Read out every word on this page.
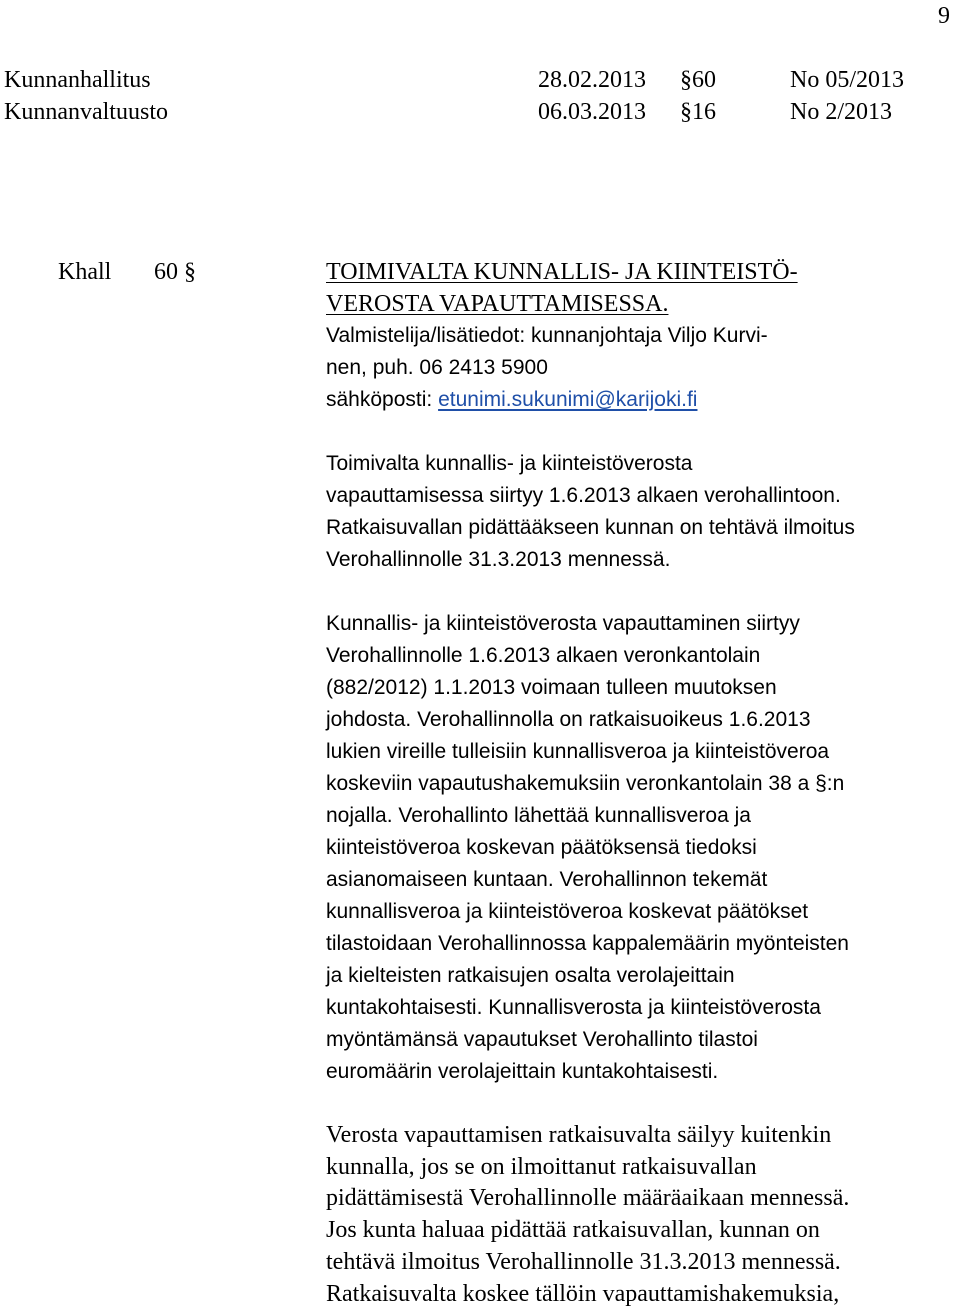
9
Kunnanhallitus	28.02.2013 §60	No 05/2013
Kunnanvaltuusto	06.03.2013 §16	No 2/2013
Khall 60 §	TOIMIVALTA KUNNALLIS- JA KIINTEISTÖ-
VEROSTA VAPAUTTAMISESSA.
Valmistelija/lisätiedot: kunnanjohtaja Viljo Kurvi-
nen, puh. 06 2413 5900
sähköposti: etunimi.sukunimi@karijoki.fi

Toimivalta kunnallis- ja kiinteistöverosta
vapauttamisessa siirtyy 1.6.2013 alkaen verohallintoon.
Ratkaisuvallan pidättääkseen kunnan on tehtävä ilmoitus
Verohallinnolle 31.3.2013 mennessä.

Kunnallis- ja kiinteistöverosta vapauttaminen siirtyy
Verohallinnolle 1.6.2013 alkaen veronkantolain
(882/2012) 1.1.2013 voimaan tulleen muutoksen
johdosta. Verohallinnolla on ratkaisuoikeus 1.6.2013
lukien vireille tulleisiin kunnallisveroa ja kiinteistöveroa
koskeviin vapautushakemuksiin veronkantolain 38 a §:n
nojalla. Verohallinto lähettää kunnallisveroa ja
kiinteistöveroa koskevan päätöksensä tiedoksi
asianomaiseen kuntaan. Verohallinnon tekemät
kunnallisveroa ja kiinteistöveroa koskevat päätökset
tilastoidaan Verohallinnossa kappalemäärin myönteisten
ja kielteisten ratkaisujen osalta verolajeittain
kuntakohtaisesti. Kunnallisverosta ja kiinteistöverosta
myöntämänsä vapautukset Verohallinto tilastoi
euromäärin verolajeittain kuntakohtaisesti.

Verosta vapauttamisen ratkaisuvalta säilyy kuitenkin
kunnalla, jos se on ilmoittanut ratkaisuvallan
pidättämisestä Verohallinnolle määräaikaan mennessä.
Jos kunta haluaa pidättää ratkaisuvallan, kunnan on
tehtävä ilmoitus Verohallinnolle 31.3.2013 mennessä.
Ratkaisuvalta koskee tällöin vapauttamishakemuksia,
